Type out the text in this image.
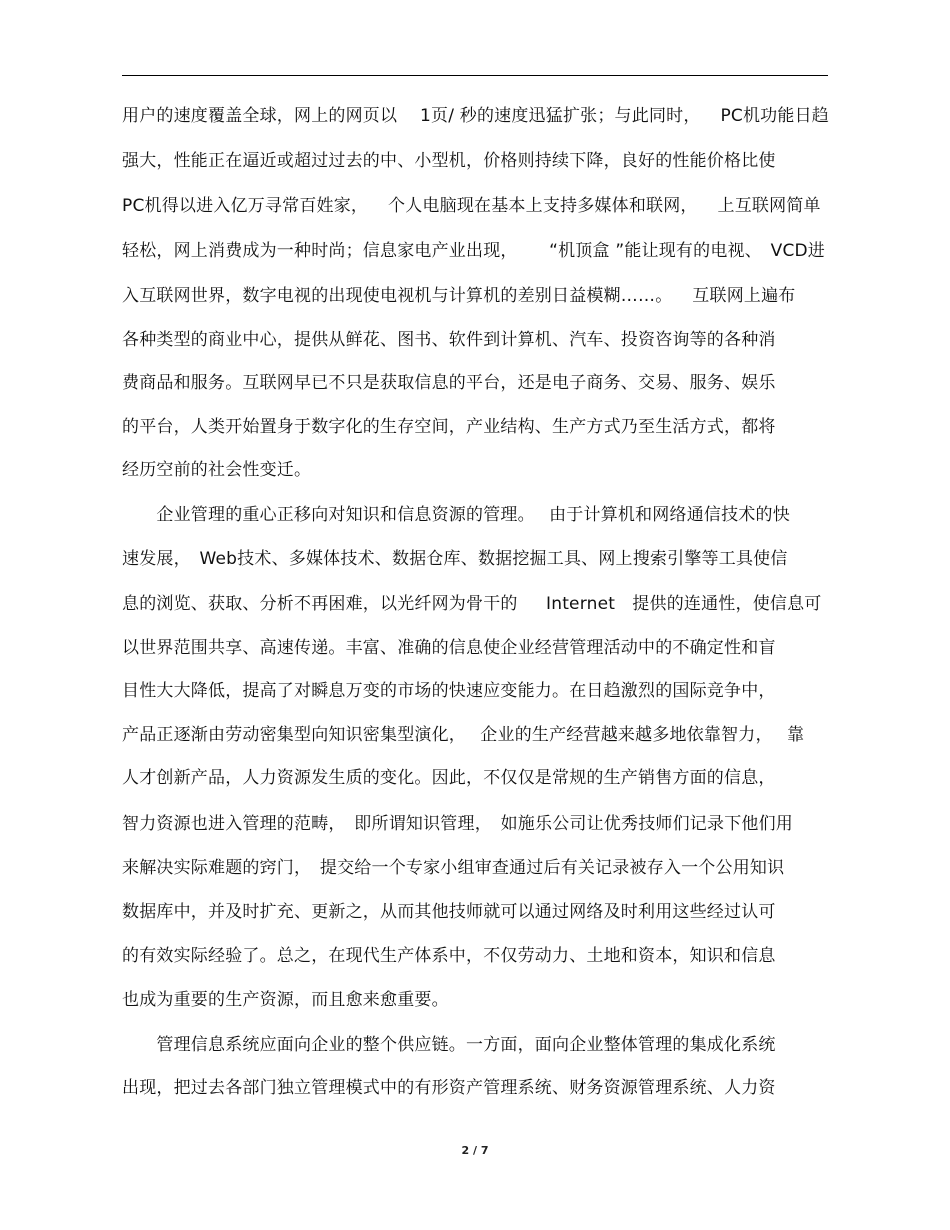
用户的速度覆盖全球，网上的网页以　 1页/ 秒的速度迅猛扩张；与此同时，　  PC机功能日趋
强大，性能正在逼近或超过过去的中、小型机，价格则持续下降，良好的性能价格比使
PC机得以进入亿万寻常百姓家，　  个人电脑现在基本上支持多媒体和联网，　  上互联网简单
轻松，网上消费成为一种时尚；信息家电产业出现，　　 “机顶盒 ”能让现有的电视、　VCD进
入互联网世界，数字电视的出现使电视机与计算机的差别日益模糊……。　  互联网上遍布
各种类型的商业中心，提供从鲜花、图书、软件到计算机、汽车、投资咨询等的各种消
费商品和服务。互联网早已不只是获取信息的平台，还是电子商务、交易、服务、娱乐
的平台，人类开始置身于数字化的生存空间，产业结构、生产方式乃至生活方式，都将
经历空前的社会性变迁。
　　企业管理的重心正移向对知识和信息资源的管理。　 由于计算机和网络通信技术的快
速发展，　Web技术、多媒体技术、数据仓库、数据挖掘工具、网上搜索引擎等工具使信
息的浏览、获取、分析不再困难，以光纤网为骨干的　  Internet　提供的连通性，使信息可
以世界范围共享、高速传递。丰富、准确的信息使企业经营管理活动中的不确定性和盲
目性大大降低，提高了对瞬息万变的市场的快速应变能力。在日趋激烈的国际竞争中，
产品正逐渐由劳动密集型向知识密集型演化，　 企业的生产经营越来越多地依靠智力，　 靠
人才创新产品，人力资源发生质的变化。因此，不仅仅是常规的生产销售方面的信息，
智力资源也进入管理的范畴，　即所谓知识管理，　如施乐公司让优秀技师们记录下他们用
来解决实际难题的窍门，　提交给一个专家小组审查通过后有关记录被存入一个公用知识
数据库中，并及时扩充、更新之，从而其他技师就可以通过网络及时利用这些经过认可
的有效实际经验了。总之，在现代生产体系中，不仅劳动力、土地和资本，知识和信息
也成为重要的生产资源，而且愈来愈重要。
　　管理信息系统应面向企业的整个供应链。一方面，面向企业整体管理的集成化系统
出现，把过去各部门独立管理模式中的有形资产管理系统、财务资源管理系统、人力资
2 / 7
